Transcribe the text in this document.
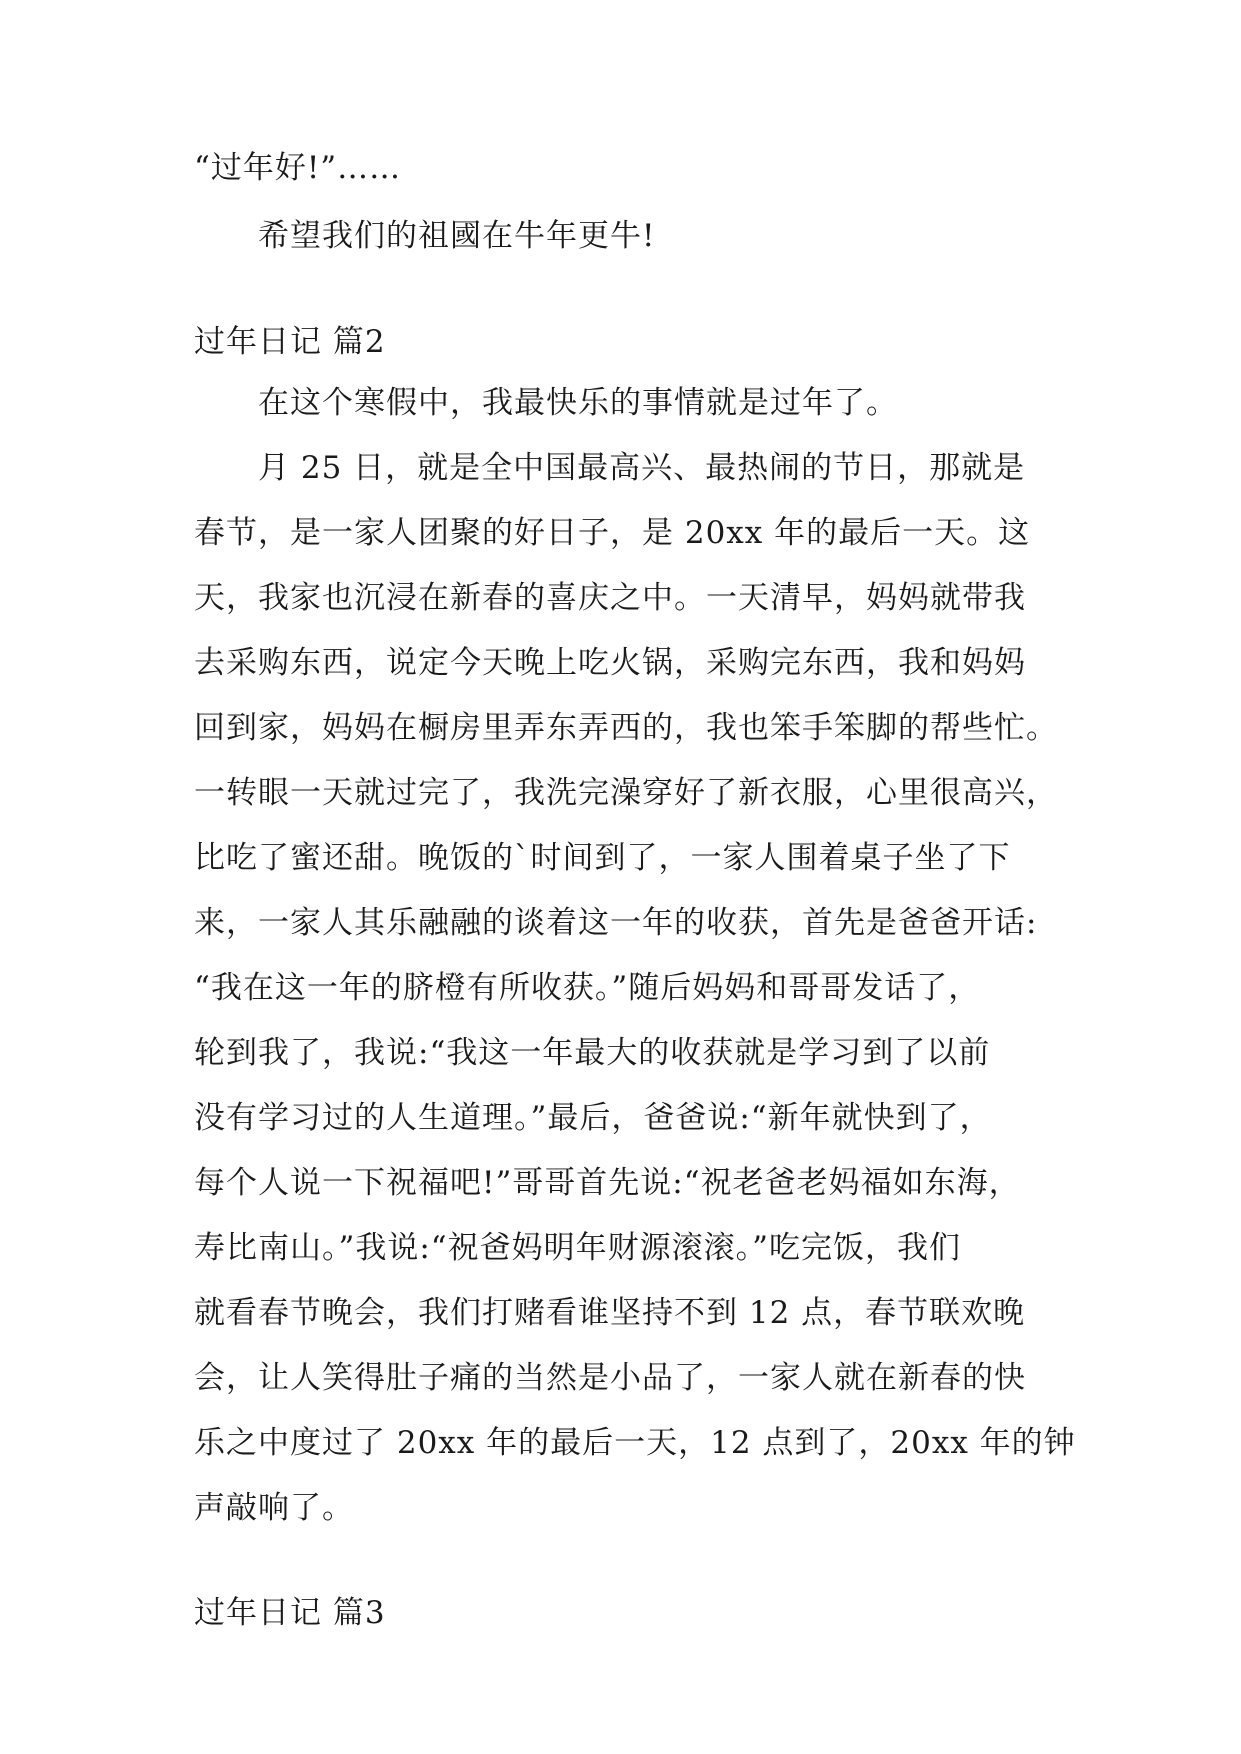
“过年好!”……
希望我们的祖國在牛年更牛!
过年日记 篇2
在这个寒假中，我最快乐的事情就是过年了。
月 25 日，就是全中国最高兴、最热闹的节日，那就是
春节，是一家人团聚的好日子，是 20xx 年的最后一天。这
天，我家也沉浸在新春的喜庆之中。一天清早，妈妈就带我
去采购东西，说定今天晚上吃火锅，采购完东西，我和妈妈
回到家，妈妈在橱房里弄东弄西的，我也笨手笨脚的帮些忙。
一转眼一天就过完了，我洗完澡穿好了新衣服，心里很高兴，
比吃了蜜还甜。晚饭的`时间到了，一家人围着桌子坐了下
来，一家人其乐融融的谈着这一年的收获，首先是爸爸开话:
“我在这一年的脐橙有所收获。”随后妈妈和哥哥发话了，
轮到我了，我说:“我这一年最大的收获就是学习到了以前
没有学习过的人生道理。”最后，爸爸说:“新年就快到了，
每个人说一下祝福吧!”哥哥首先说:“祝老爸老妈福如东海，
寿比南山。”我说:“祝爸妈明年财源滚滚。”吃完饭，我们
就看春节晚会，我们打赌看谁坚持不到 12 点，春节联欢晚
会，让人笑得肚子痛的当然是小品了，一家人就在新春的快
乐之中度过了 20xx 年的最后一天，12 点到了，20xx 年的钟
声敲响了。
过年日记 篇3
